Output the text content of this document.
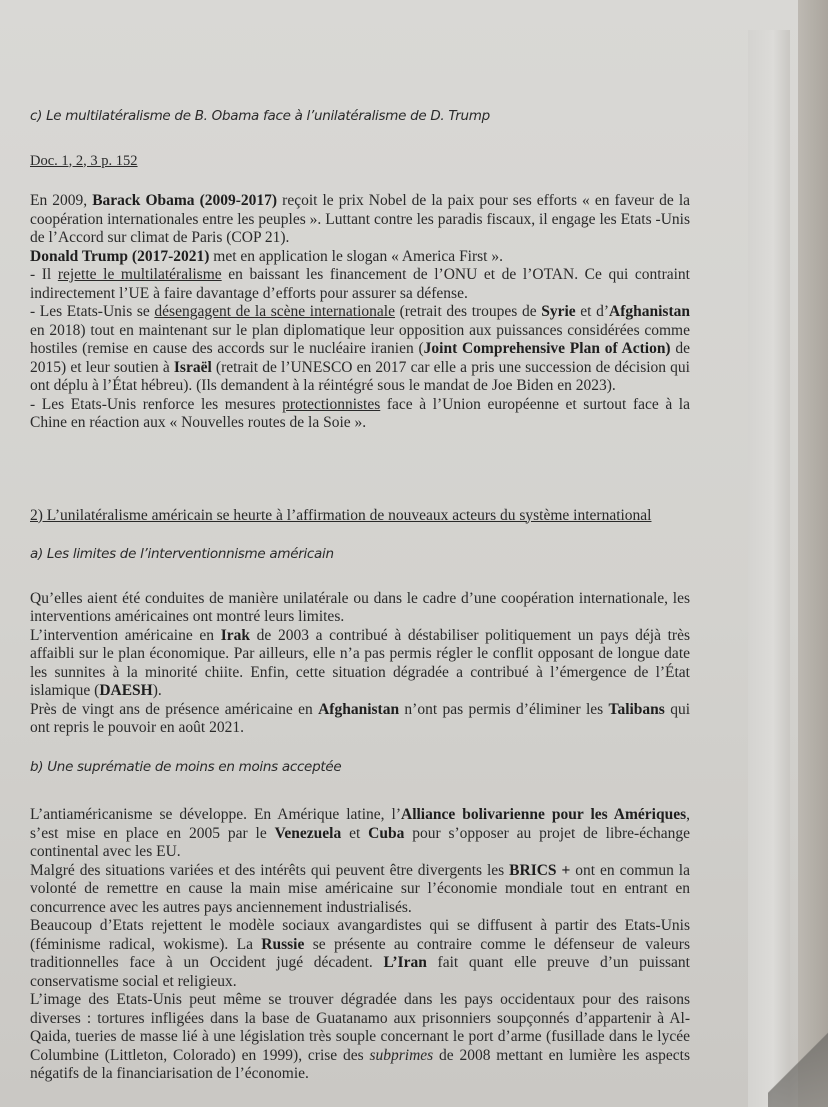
c) Le multilatéralisme de B. Obama face à l’unilatéralisme de D. Trump

Doc. 1, 2, 3 p. 152

En 2009, Barack Obama (2009-2017) reçoit le prix Nobel de la paix pour ses efforts « en faveur de la coopération internationales entre les peuples ». Luttant contre les paradis fiscaux, il engage les Etats -Unis de l’Accord sur climat de Paris (COP 21).

Donald Trump (2017-2021) met en application le slogan « America First ».

- Il rejette le multilatéralisme en baissant les financement de l’ONU et de l’OTAN. Ce qui contraint indirectement l’UE à faire davantage d’efforts pour assurer sa défense.

- Les Etats-Unis se désengagent de la scène internationale (retrait des troupes de Syrie et d’Afghanistan en 2018) tout en maintenant sur le plan diplomatique leur opposition aux puissances considérées comme hostiles (remise en cause des accords sur le nucléaire iranien (Joint Comprehensive Plan of Action) de 2015) et leur soutien à Israël (retrait de l’UNESCO en 2017 car elle a pris une succession de décision qui ont déplu à l’État hébreu). (Ils demandent à la réintégré sous le mandat de Joe Biden en 2023).

- Les Etats-Unis renforce les mesures protectionnistes face à l’Union européenne et surtout face à la Chine en réaction aux « Nouvelles routes de la Soie ».

2) L’unilatéralisme américain se heurte à l’affirmation de nouveaux acteurs du système international

a) Les limites de l’interventionnisme américain

Qu’elles aient été conduites de manière unilatérale ou dans le cadre d’une coopération internationale, les interventions américaines ont montré leurs limites.

L’intervention américaine en Irak de 2003 a contribué à déstabiliser politiquement un pays déjà très affaibli sur le plan économique. Par ailleurs, elle n’a pas permis régler le conflit opposant de longue date les sunnites à la minorité chiite. Enfin, cette situation dégradée a contribué à l’émergence de l’État islamique (DAESH).

Près de vingt ans de présence américaine en Afghanistan n’ont pas permis d’éliminer les Talibans qui ont repris le pouvoir en août 2021.

b) Une suprématie de moins en moins acceptée

L’antiaméricanisme se développe. En Amérique latine, l’Alliance bolivarienne pour les Amériques, s’est mise en place en 2005 par le Venezuela et Cuba pour s’opposer au projet de libre-échange continental avec les EU.

Malgré des situations variées et des intérêts qui peuvent être divergents les BRICS + ont en commun la volonté de remettre en cause la main mise américaine sur l’économie mondiale tout en entrant en concurrence avec les autres pays anciennement industrialisés.

Beaucoup d’Etats rejettent le modèle sociaux avangardistes qui se diffusent à partir des Etats-Unis (féminisme radical, wokisme). La Russie se présente au contraire comme le défenseur de valeurs traditionnelles face à un Occident jugé décadent. L’Iran fait quant elle preuve d’un puissant conservatisme social et religieux.

L’image des Etats-Unis peut même se trouver dégradée dans les pays occidentaux pour des raisons diverses : tortures infligées dans la base de Guatanamo aux prisonniers soupçonnés d’appartenir à Al-Qaida, tueries de masse lié à une législation très souple concernant le port d’arme (fusillade dans le lycée Columbine (Littleton, Colorado) en 1999), crise des subprimes de 2008 mettant en lumière les aspects négatifs de la financiarisation de l’économie.
